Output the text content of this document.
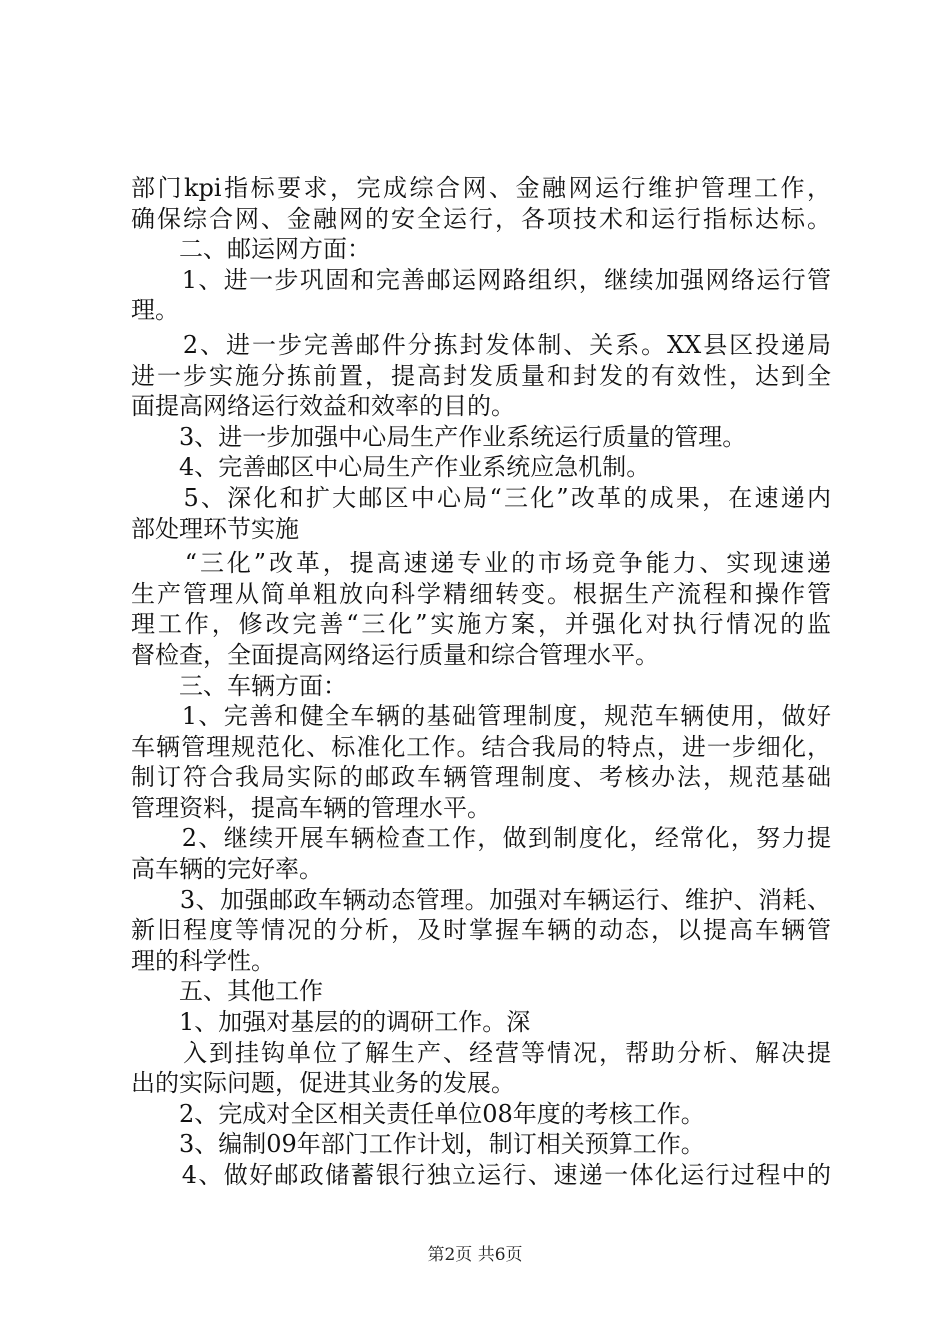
部门kpi指标要求，完成综合网、金融网运行维护管理工作，
确保综合网、金融网的安全运行，各项技术和运行指标达标。
　　二、邮运网方面：
　　1、进一步巩固和完善邮运网路组织，继续加强网络运行管
理。
　　2、进一步完善邮件分拣封发体制、关系。XX县区投递局
进一步实施分拣前置，提高封发质量和封发的有效性，达到全
面提高网络运行效益和效率的目的。
　　3、进一步加强中心局生产作业系统运行质量的管理。
　　4、完善邮区中心局生产作业系统应急机制。
　　5、深化和扩大邮区中心局“三化”改革的成果，在速递内
部处理环节实施
　　“三化”改革，提高速递专业的市场竞争能力、实现速递
生产管理从简单粗放向科学精细转变。根据生产流程和操作管
理工作，修改完善“三化”实施方案，并强化对执行情况的监
督检查，全面提高网络运行质量和综合管理水平。
　　三、车辆方面：
　　1、完善和健全车辆的基础管理制度，规范车辆使用，做好
车辆管理规范化、标准化工作。结合我局的特点，进一步细化，
制订符合我局实际的邮政车辆管理制度、考核办法，规范基础
管理资料，提高车辆的管理水平。
　　2、继续开展车辆检查工作，做到制度化，经常化，努力提
高车辆的完好率。
　　3、加强邮政车辆动态管理。加强对车辆运行、维护、消耗、
新旧程度等情况的分析，及时掌握车辆的动态，以提高车辆管
理的科学性。
　　五、其他工作
　　1、加强对基层的的调研工作。深
　　入到挂钩单位了解生产、经营等情况，帮助分析、解决提
出的实际问题，促进其业务的发展。
　　2、完成对全区相关责任单位08年度的考核工作。
　　3、编制09年部门工作计划，制订相关预算工作。
　　4、做好邮政储蓄银行独立运行、速递一体化运行过程中的
第2页 共6页
